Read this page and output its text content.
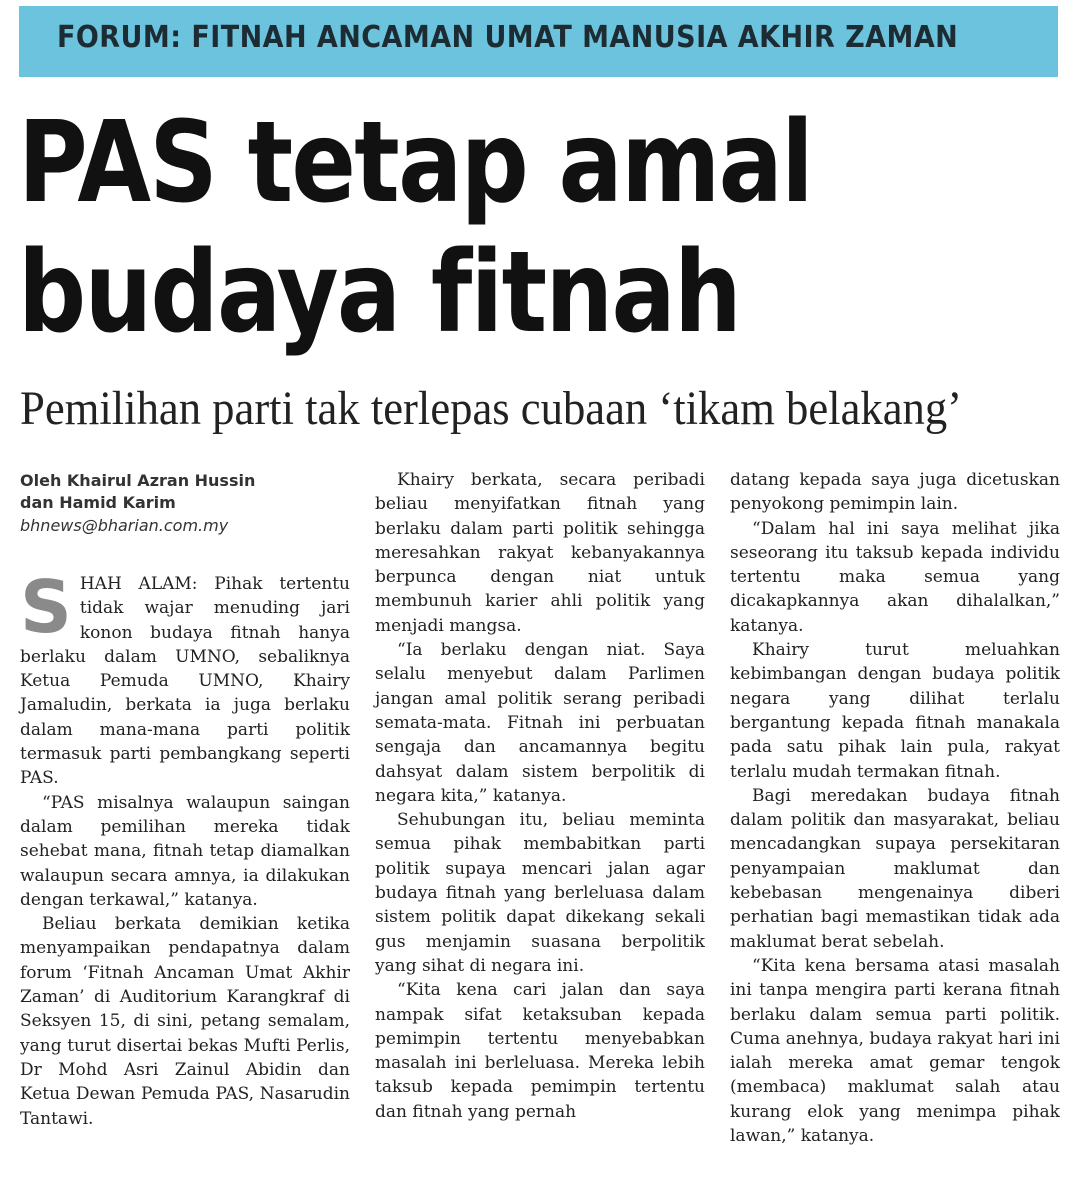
FORUM: FITNAH ANCAMAN UMAT MANUSIA AKHIR ZAMAN
PAS tetap amal
budaya fitnah
Pemilihan parti tak terlepas cubaan ‘tikam belakang’
Oleh Khairul Azran Hussin
dan Hamid Karim
bhnews@bharian.com.my

SHAH ALAM: Pihak tertentu tidak wajar menuding jari konon budaya fitnah hanya berlaku dalam UMNO, sebaliknya Ketua Pemuda UMNO, Khairy Jamaludin, berkata ia juga berlaku dalam mana-mana parti politik termasuk parti pembangkang seperti PAS.

“PAS misalnya walaupun saingan dalam pemilihan mereka tidak sehebat mana, fitnah tetap diamalkan walaupun secara amnya, ia dilakukan dengan terkawal,” katanya.

Beliau berkata demikian ketika menyampaikan pendapatnya dalam forum ‘Fitnah Ancaman Umat Akhir Zaman’ di Auditorium Karangkraf di Seksyen 15, di sini, petang semalam, yang turut disertai bekas Mufti Perlis, Dr Mohd Asri Zainul Abidin dan Ketua Dewan Pemuda PAS, Nasarudin Tantawi.

Khairy berkata, secara peribadi beliau menyifatkan fitnah yang berlaku dalam parti politik sehingga meresahkan rakyat kebanyakannya berpunca dengan niat untuk membunuh karier ahli politik yang menjadi mangsa.

“Ia berlaku dengan niat. Saya selalu menyebut dalam Parlimen jangan amal politik serang peribadi semata-mata. Fitnah ini perbuatan sengaja dan ancamannya begitu dahsyat dalam sistem berpolitik di negara kita,” katanya.

Sehubungan itu, beliau meminta semua pihak membabitkan parti politik supaya mencari jalan agar budaya fitnah yang berleluasa dalam sistem politik dapat dikekang sekali gus menjamin suasana berpolitik yang sihat di negara ini.

“Kita kena cari jalan dan saya nampak sifat ketaksuban kepada pemimpin tertentu menyebabkan masalah ini berleluasa. Mereka lebih taksub kepada pemimpin tertentu dan fitnah yang pernah

datang kepada saya juga dicetuskan penyokong pemimpin lain.

“Dalam hal ini saya melihat jika seseorang itu taksub kepada individu tertentu maka semua yang dicakapkannya akan dihalalkan,” katanya.

Khairy turut meluahkan kebimbangan dengan budaya politik negara yang dilihat terlalu bergantung kepada fitnah manakala pada satu pihak lain pula, rakyat terlalu mudah termakan fitnah.

Bagi meredakan budaya fitnah dalam politik dan masyarakat, beliau mencadangkan supaya persekitaran penyampaian maklumat dan kebebasan mengenainya diberi perhatian bagi memastikan tidak ada maklumat berat sebelah.

“Kita kena bersama atasi masalah ini tanpa mengira parti kerana fitnah berlaku dalam semua parti politik. Cuma anehnya, budaya rakyat hari ini ialah mereka amat gemar tengok (membaca) maklumat salah atau kurang elok yang menimpa pihak lawan,” katanya.
